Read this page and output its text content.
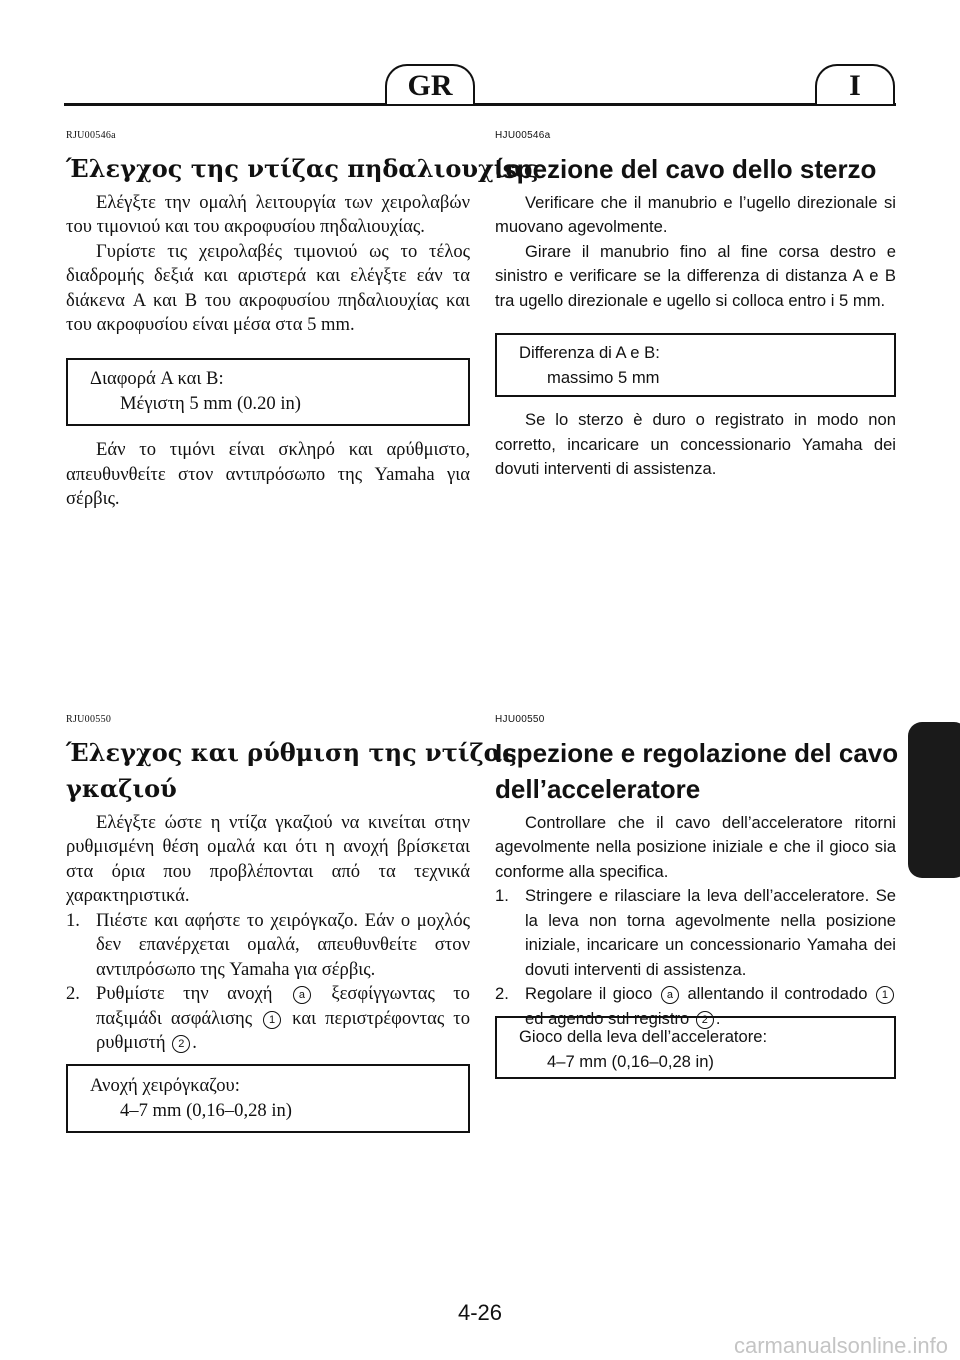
GR	I
RJU00546a
Έλεγχος της ντίζας πηδαλιουχίας

Ελέγξτε την ομαλή λειτουργία των χειρολαβών του τιμονιού και του ακροφυσίου πηδαλιουχίας.

Γυρίστε τις χειρολαβές τιμονιού ως το τέλος διαδρομής δεξιά και αριστερά και ελέγξτε εάν τα διάκενα A και B του ακροφυσίου πηδαλιουχίας και του ακροφυσίου είναι μέσα στα 5 mm.

Διαφορά A και B:
Μέγιστη 5 mm (0.20 in)

Εάν το τιμόνι είναι σκληρό και αρύθμιστο, απευθυνθείτε στον αντιπρόσωπο της Yamaha για σέρβις.

HJU00546a
Ispezione del cavo dello sterzo

Verificare che il manubrio e l’ugello direzionale si muovano agevolmente.

Girare il manubrio fino al fine corsa destro e sinistro e verificare se la differenza di distanza A e B tra ugello direzionale e ugello si colloca entro i 5 mm.

Differenza di A e B:
massimo 5 mm

Se lo sterzo è duro o registrato in modo non corretto, incaricare un concessionario Yamaha dei dovuti interventi di assistenza.

RJU00550
Έλεγχος και ρύθμιση της ντίζας
γκαζιού

Ελέγξτε ώστε η ντίζα γκαζιού να κινείται στην ρυθμισμένη θέση ομαλά και ότι η ανοχή βρίσκεται στα όρια που προβλέπονται από τα τεχνικά χαρακτηριστικά.

1. Πιέστε και αφήστε το χειρόγκαζο. Εάν ο μοχλός δεν επανέρχεται ομαλά, απευθυνθείτε στον αντιπρόσωπο της Yamaha για σέρβις.
2. Ρυθμίστε την ανοχή a ξεσφίγγωντας το παξιμάδι ασφάλισης 1 και περιστρέφοντας το ρυθμιστή 2 .
Ανοχή χειρόγκαζου:
4–7 mm (0,16–0,28 in)
HJU00550
Ispezione e regolazione del cavo
dell’acceleratore

Controllare che il cavo dell’acceleratore ritorni agevolmente nella posizione iniziale e che il gioco sia conforme alla specifica.

1. Stringere e rilasciare la leva dell’acceleratore. Se la leva non torna agevolmente nella posizione iniziale, incaricare un concessionario Yamaha dei dovuti interventi di assistenza.
2. Regolare il gioco a allentando il controdado 1 ed agendo sul registro 2 .
Gioco della leva dell’acceleratore:
4–7 mm (0,16–0,28 in)
4-26
carmanualsonline.info
